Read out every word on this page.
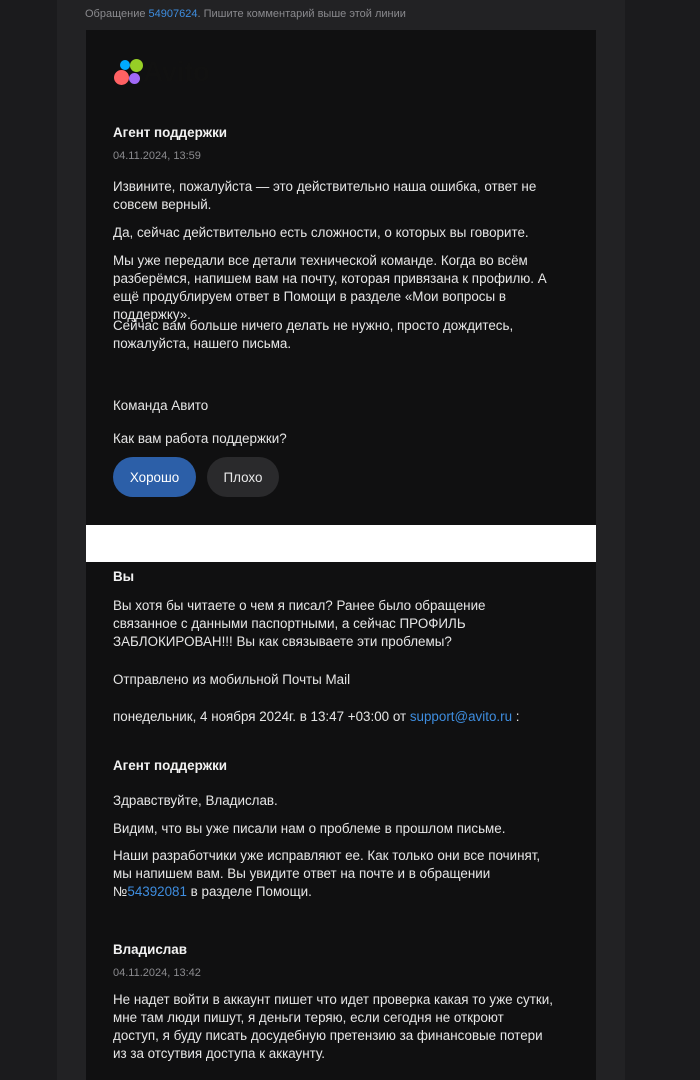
Обращение 54907624. Пишите комментарий выше этой линии
Avito
Агент поддержки
04.11.2024, 13:59
Извините, пожалуйста — это действительно наша ошибка, ответ не совсем верный.
Да, сейчас действительно есть сложности, о которых вы говорите.
Мы уже передали все детали технической команде. Когда во всём разберёмся, напишем вам на почту, которая привязана к профилю. А ещё продублируем ответ в Помощи в разделе «Мои вопросы в поддержку».
Сейчас вам больше ничего делать не нужно, просто дождитесь, пожалуйста, нашего письма.
Команда Авито
Как вам работа поддержки?
Хорошо	Плохо
Вы
Вы хотя бы читаете о чем я писал? Ранее было обращение связанное с данными паспортными, а сейчас ПРОФИЛЬ ЗАБЛОКИРОВАН!!! Вы как связываете эти проблемы?
Отправлено из мобильной Почты Mail
понедельник, 4 ноября 2024г. в 13:47 +03:00 от support@avito.ru :
Агент поддержки
Здравствуйте, Владислав.
Видим, что вы уже писали нам о проблеме в прошлом письме.
Наши разработчики уже исправляют ее. Как только они все починят, мы напишем вам. Вы увидите ответ на почте и в обращении №54392081 в разделе Помощи.
Владислав
04.11.2024, 13:42
Не надет войти в аккаунт пишет что идет проверка какая то уже сутки, мне там люди пишут, я деньги теряю, если сегодня не откроют доступ, я буду писать досудебную претензию за финансовые потери из за отсутвия доступа к аккаунту.
